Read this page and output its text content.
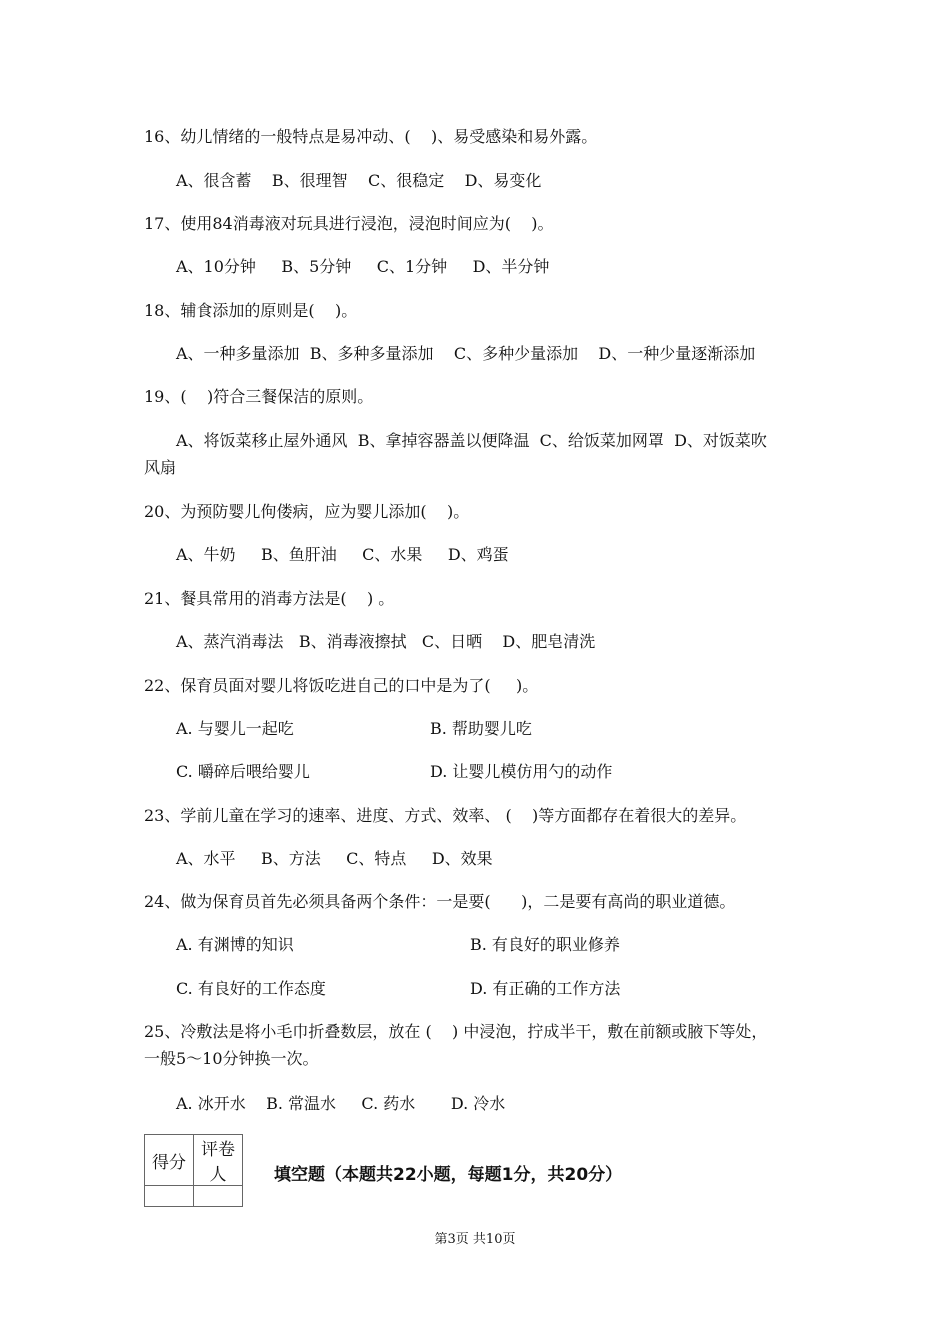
16、幼儿情绪的一般特点是易冲动、(    )、易受感染和易外露。
A、很含蓄    B、很理智    C、很稳定    D、易变化
17、使用84消毒液对玩具进行浸泡，浸泡时间应为(    )。
A、10分钟     B、5分钟     C、1分钟     D、半分钟
18、辅食添加的原则是(    )。
A、一种多量添加  B、多种多量添加    C、多种少量添加    D、一种少量逐渐添加
19、(    )符合三餐保洁的原则。
A、将饭菜移止屋外通风  B、拿掉容器盖以便降温  C、给饭菜加网罩  D、对饭菜吹
风扇
20、为预防婴儿佝偻病，应为婴儿添加(    )。
A、牛奶     B、鱼肝油     C、水果     D、鸡蛋
21、餐具常用的消毒方法是(    ) 。
A、蒸汽消毒法   B、消毒液擦拭   C、日晒    D、肥皂清洗
22、保育员面对婴儿将饭吃进自己的口中是为了(     )。
A. 与婴儿一起吃	B. 帮助婴儿吃
C. 嚼碎后喂给婴儿	D. 让婴儿模仿用勺的动作
23、学前儿童在学习的速率、进度、方式、效率、 (    )等方面都存在着很大的差异。
A、水平     B、方法     C、特点     D、效果
24、做为保育员首先必须具备两个条件：一是要(      )，二是要有高尚的职业道德。
A. 有渊博的知识	B. 有良好的职业修养
C. 有良好的工作态度	D. 有正确的工作方法
25、冷敷法是将小毛巾折叠数层，放在 (    ) 中浸泡，拧成半干，敷在前额或腋下等处，
一般5～10分钟换一次。
A. 冰开水    B. 常温水     C. 药水       D. 冷水
得分	评卷人
		填空题（本题共22小题，每题1分，共20分）
第3页 共10页
